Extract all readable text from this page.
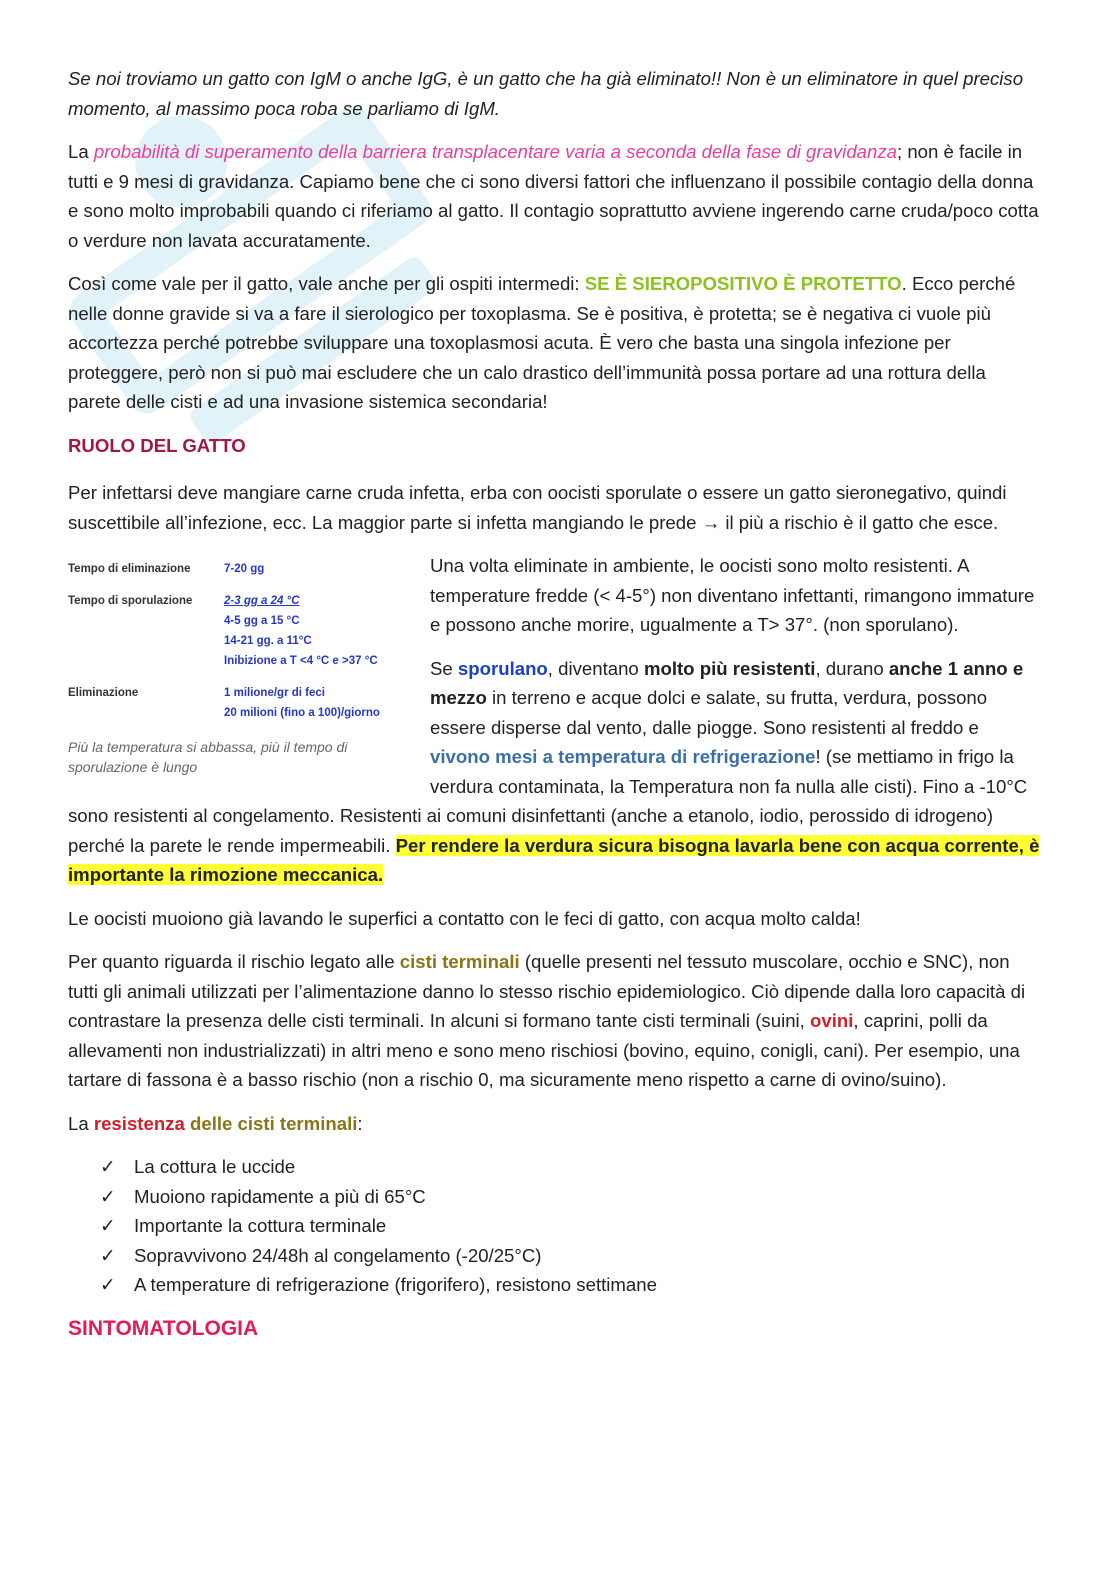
Se noi troviamo un gatto con IgM o anche IgG, è un gatto che ha già eliminato!! Non è un eliminatore in quel preciso momento, al massimo poca roba se parliamo di IgM.

La probabilità di superamento della barriera transplacentare varia a seconda della fase di gravidanza; non è facile in tutti e 9 mesi di gravidanza. Capiamo bene che ci sono diversi fattori che influenzano il possibile contagio della donna e sono molto improbabili quando ci riferiamo al gatto. Il contagio soprattutto avviene ingerendo carne cruda/poco cotta o verdure non lavata accuratamente.

Così come vale per il gatto, vale anche per gli ospiti intermedi: SE È SIEROPOSITIVO È PROTETTO. Ecco perché nelle donne gravide si va a fare il sierologico per toxoplasma. Se è positiva, è protetta; se è negativa ci vuole più accortezza perché potrebbe sviluppare una toxoplasmosi acuta. È vero che basta una singola infezione per proteggere, però non si può mai escludere che un calo drastico dell’immunità possa portare ad una rottura della parete delle cisti e ad una invasione sistemica secondaria!

RUOLO DEL GATTO

Per infettarsi deve mangiare carne cruda infetta, erba con oocisti sporulate o essere un gatto sieronegativo, quindi suscettibile all’infezione, ecc. La maggior parte si infetta mangiando le prede → il più a rischio è il gatto che esce.

Tempo di eliminazione	7-20 gg

Tempo di sporulazione	2-3 gg a 24 °C
4-5 gg a 15 °C
14-21 gg. a 11°C
Inibizione a T <4 °C e >37 °C

Eliminazione	1 milione/gr di feci
20 milioni (fino a 100)/giorno
Più la temperatura si abbassa, più il tempo di sporulazione è lungo

Una volta eliminate in ambiente, le oocisti sono molto resistenti. A temperature fredde (< 4-5°) non diventano infettanti, rimangono immature e possono anche morire, ugualmente a T> 37°. (non sporulano).

Se sporulano, diventano molto più resistenti, durano anche 1 anno e mezzo in terreno e acque dolci e salate, su frutta, verdura, possono essere disperse dal vento, dalle piogge. Sono resistenti al freddo e vivono mesi a temperatura di refrigerazione! (se mettiamo in frigo la verdura contaminata, la Temperatura non fa nulla alle cisti). Fino a -10°C sono resistenti al congelamento. Resistenti ai comuni disinfettanti (anche a etanolo, iodio, perossido di idrogeno) perché la parete le rende impermeabili. Per rendere la verdura sicura bisogna lavarla bene con acqua corrente, è importante la rimozione meccanica.

Le oocisti muoiono già lavando le superfici a contatto con le feci di gatto, con acqua molto calda!

Per quanto riguarda il rischio legato alle cisti terminali (quelle presenti nel tessuto muscolare, occhio e SNC), non tutti gli animali utilizzati per l’alimentazione danno lo stesso rischio epidemiologico. Ciò dipende dalla loro capacità di contrastare la presenza delle cisti terminali. In alcuni si formano tante cisti terminali (suini, ovini, caprini, polli da allevamenti non industrializzati) in altri meno e sono meno rischiosi (bovino, equino, conigli, cani). Per esempio, una tartare di fassona è a basso rischio (non a rischio 0, ma sicuramente meno rispetto a carne di ovino/suino).

La resistenza delle cisti terminali:

✓ La cottura le uccide
✓ Muoiono rapidamente a più di 65°C
✓ Importante la cottura terminale
✓ Sopravvivono 24/48h al congelamento (-20/25°C)
✓ A temperature di refrigerazione (frigorifero), resistono settimane
SINTOMATOLOGIA
